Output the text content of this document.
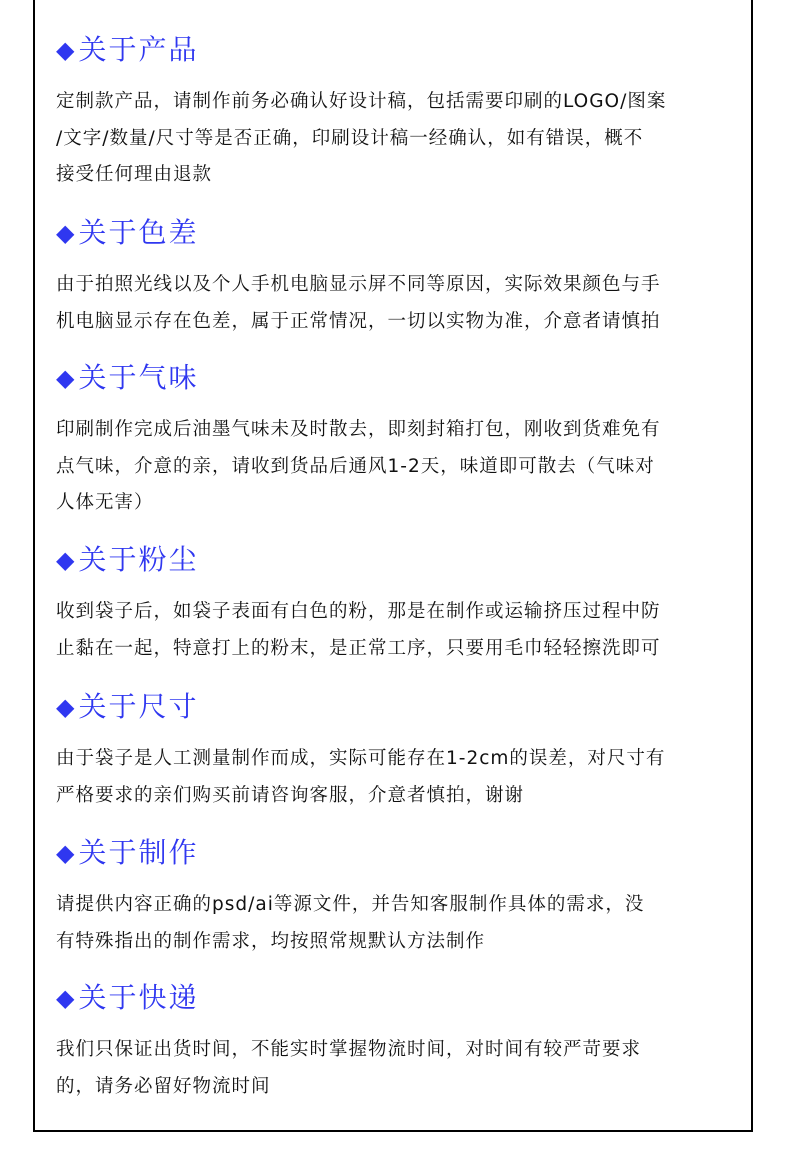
◆关于产品
定制款产品，请制作前务必确认好设计稿，包括需要印刷的LOGO/图案
/文字/数量/尺寸等是否正确，印刷设计稿一经确认，如有错误，概不
接受任何理由退款
◆关于色差
由于拍照光线以及个人手机电脑显示屏不同等原因，实际效果颜色与手
机电脑显示存在色差，属于正常情况，一切以实物为准，介意者请慎拍
◆关于气味
印刷制作完成后油墨气味未及时散去，即刻封箱打包，刚收到货难免有
点气味，介意的亲，请收到货品后通风1-2天，味道即可散去（气味对
人体无害）
◆关于粉尘
收到袋子后，如袋子表面有白色的粉，那是在制作或运输挤压过程中防
止黏在一起，特意打上的粉末，是正常工序，只要用毛巾轻轻擦洗即可
◆关于尺寸
由于袋子是人工测量制作而成，实际可能存在1-2cm的误差，对尺寸有
严格要求的亲们购买前请咨询客服，介意者慎拍，谢谢
◆关于制作
请提供内容正确的psd/ai等源文件，并告知客服制作具体的需求，没
有特殊指出的制作需求，均按照常规默认方法制作
◆关于快递
我们只保证出货时间，不能实时掌握物流时间，对时间有较严苛要求
的，请务必留好物流时间
